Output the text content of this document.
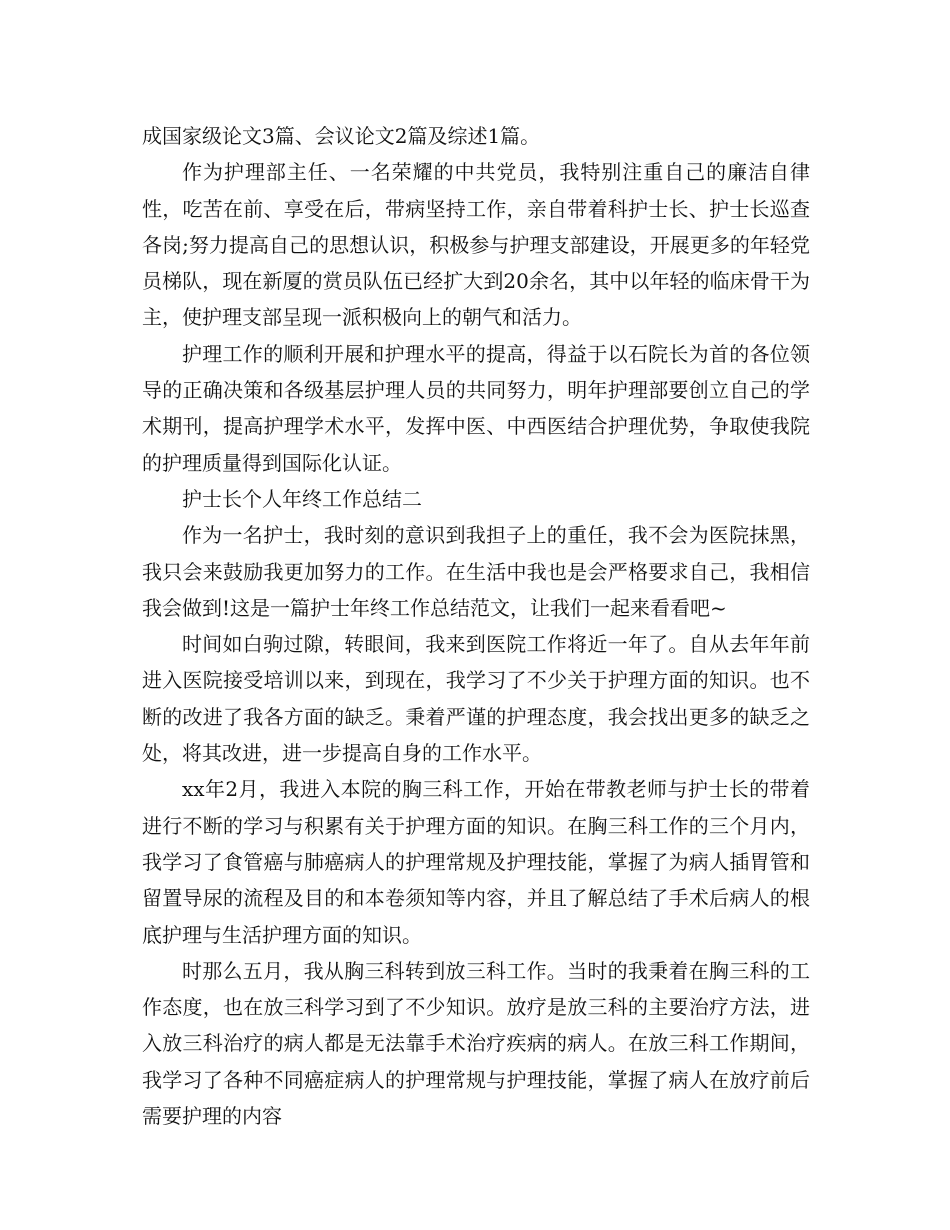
成国家级论文3篇、会议论文2篇及综述1篇。

作为护理部主任、一名荣耀的中共党员，我特别注重自己的廉洁自律性，吃苦在前、享受在后，带病坚持工作，亲自带着科护士长、护士长巡查各岗;努力提高自己的思想认识，积极参与护理支部建设，开展更多的年轻党员梯队，现在新厦的赏员队伍已经扩大到20余名，其中以年轻的临床骨干为主，使护理支部呈现一派积极向上的朝气和活力。

护理工作的顺利开展和护理水平的提高，得益于以石院长为首的各位领导的正确决策和各级基层护理人员的共同努力，明年护理部要创立自己的学术期刊，提高护理学术水平，发挥中医、中西医结合护理优势，争取使我院的护理质量得到国际化认证。

护士长个人年终工作总结二

作为一名护士，我时刻的意识到我担子上的重任，我不会为医院抹黑，我只会来鼓励我更加努力的工作。在生活中我也是会严格要求自己，我相信我会做到!这是一篇护士年终工作总结范文，让我们一起来看看吧~

时间如白驹过隙，转眼间，我来到医院工作将近一年了。自从去年年前进入医院接受培训以来，到现在，我学习了不少关于护理方面的知识。也不断的改进了我各方面的缺乏。秉着严谨的护理态度，我会找出更多的缺乏之处，将其改进，进一步提高自身的工作水平。

xx年2月，我进入本院的胸三科工作，开始在带教老师与护士长的带着进行不断的学习与积累有关于护理方面的知识。在胸三科工作的三个月内，我学习了食管癌与肺癌病人的护理常规及护理技能，掌握了为病人插胃管和留置导尿的流程及目的和本卷须知等内容，并且了解总结了手术后病人的根底护理与生活护理方面的知识。

时那么五月，我从胸三科转到放三科工作。当时的我秉着在胸三科的工作态度，也在放三科学习到了不少知识。放疗是放三科的主要治疗方法，进入放三科治疗的病人都是无法靠手术治疗疾病的病人。在放三科工作期间，我学习了各种不同癌症病人的护理常规与护理技能，掌握了病人在放疗前后需要护理的内容
